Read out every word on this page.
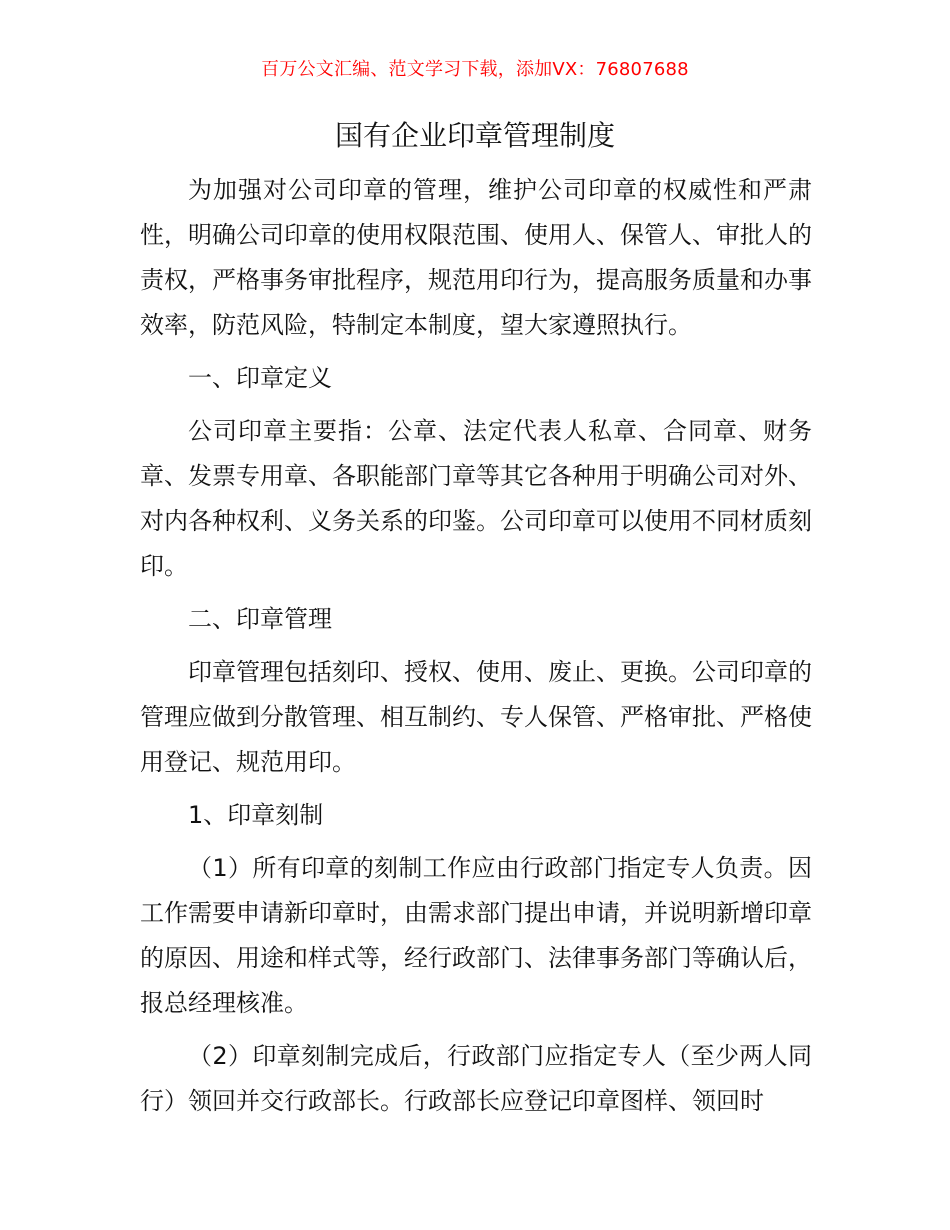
百万公文汇编、范文学习下载，添加VX：76807688
国有企业印章管理制度

为加强对公司印章的管理，维护公司印章的权威性和严肃性，明确公司印章的使用权限范围、使用人、保管人、审批人的责权，严格事务审批程序，规范用印行为，提高服务质量和办事效率，防范风险，特制定本制度，望大家遵照执行。

一、印章定义

公司印章主要指：公章、法定代表人私章、合同章、财务章、发票专用章、各职能部门章等其它各种用于明确公司对外、对内各种权利、义务关系的印鉴。公司印章可以使用不同材质刻印。

二、印章管理

印章管理包括刻印、授权、使用、废止、更换。公司印章的管理应做到分散管理、相互制约、专人保管、严格审批、严格使用登记、规范用印。

1、印章刻制

（1）所有印章的刻制工作应由行政部门指定专人负责。因工作需要申请新印章时，由需求部门提出申请，并说明新增印章的原因、用途和样式等，经行政部门、法律事务部门等确认后，报总经理核准。

（2）印章刻制完成后，行政部门应指定专人（至少两人同行）领回并交行政部长。行政部长应登记印章图样、领回时
